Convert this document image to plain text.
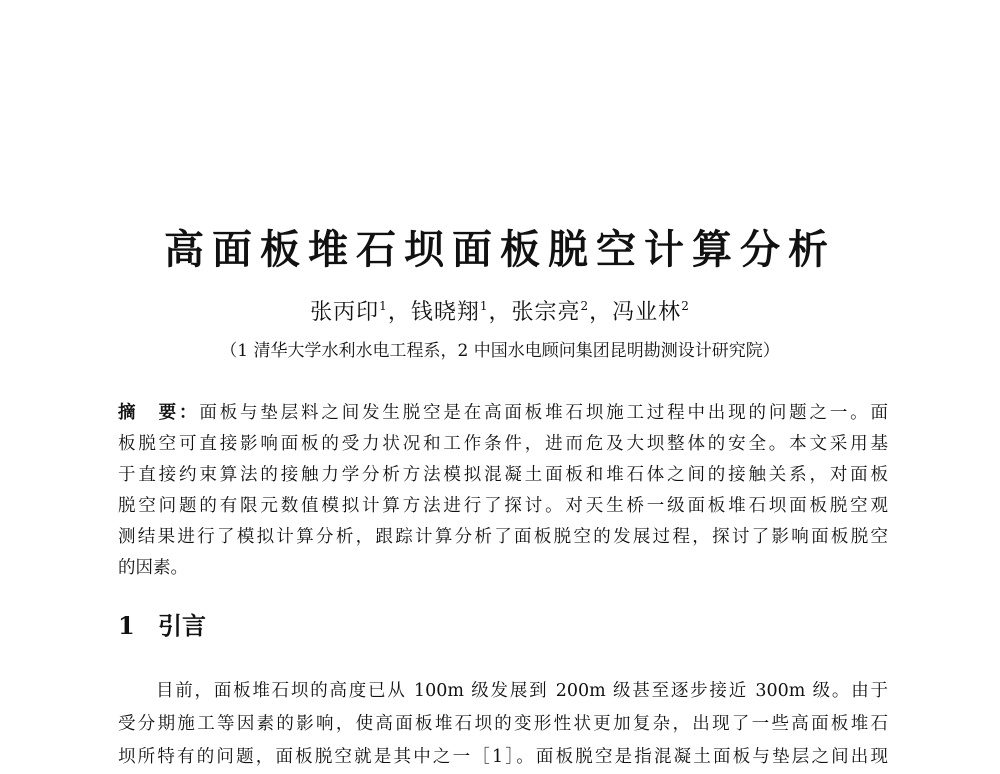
高面板堆石坝面板脱空计算分析
张丙印$^1$，钱晓翔$^1$，张宗亮$^2$，冯业林$^2$
（1 清华大学水利水电工程系，2 中国水电顾问集团昆明勘测设计研究院）
摘　要：面板与垫层料之间发生脱空是在高面板堆石坝施工过程中出现的问题之一。面
板脱空可直接影响面板的受力状况和工作条件，进而危及大坝整体的安全。本文采用基
于直接约束算法的接触力学分析方法模拟混凝土面板和堆石体之间的接触关系，对面板
脱空问题的有限元数值模拟计算方法进行了探讨。对天生桥一级面板堆石坝面板脱空观
测结果进行了模拟计算分析，跟踪计算分析了面板脱空的发展过程，探讨了影响面板脱空
的因素。
1 引言
目前，面板堆石坝的高度已从 100m 级发展到 200m 级甚至逐步接近 300m 级。由于
受分期施工等因素的影响，使高面板堆石坝的变形性状更加复杂，出现了一些高面板堆石
坝所特有的问题，面板脱空就是其中之一［1］。面板脱空是指混凝土面板与垫层之间出现
